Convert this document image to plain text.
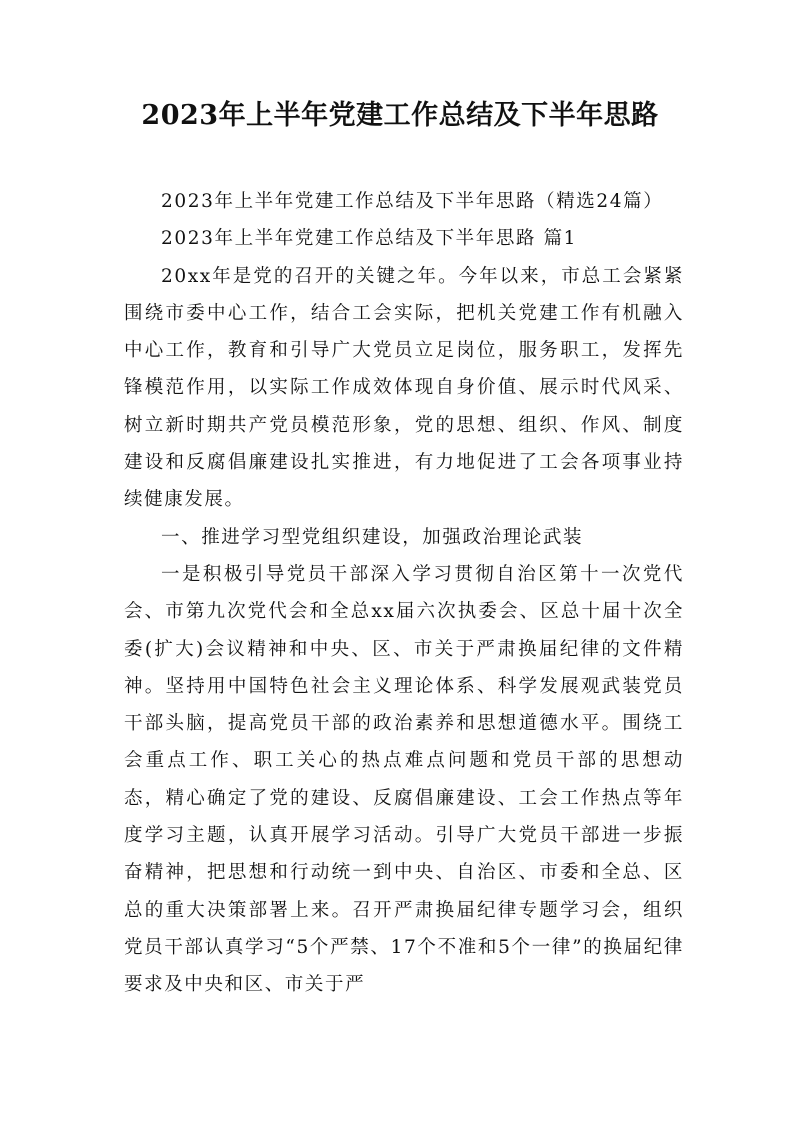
2023年上半年党建工作总结及下半年思路

2023年上半年党建工作总结及下半年思路（精选24篇）

2023年上半年党建工作总结及下半年思路 篇1

20xx年是党的召开的关键之年。今年以来，市总工会紧紧围绕市委中心工作，结合工会实际，把机关党建工作有机融入中心工作，教育和引导广大党员立足岗位，服务职工，发挥先锋模范作用，以实际工作成效体现自身价值、展示时代风采、树立新时期共产党员模范形象，党的思想、组织、作风、制度建设和反腐倡廉建设扎实推进，有力地促进了工会各项事业持续健康发展。

一、推进学习型党组织建设，加强政治理论武装

一是积极引导党员干部深入学习贯彻自治区第十一次党代会、市第九次党代会和全总xx届六次执委会、区总十届十次全委(扩大)会议精神和中央、区、市关于严肃换届纪律的文件精神。坚持用中国特色社会主义理论体系、科学发展观武装党员干部头脑，提高党员干部的政治素养和思想道德水平。围绕工会重点工作、职工关心的热点难点问题和党员干部的思想动态，精心确定了党的建设、反腐倡廉建设、工会工作热点等年度学习主题，认真开展学习活动。引导广大党员干部进一步振奋精神，把思想和行动统一到中央、自治区、市委和全总、区总的重大决策部署上来。召开严肃换届纪律专题学习会，组织党员干部认真学习“5个严禁、17个不准和5个一律”的换届纪律要求及中央和区、市关于严
